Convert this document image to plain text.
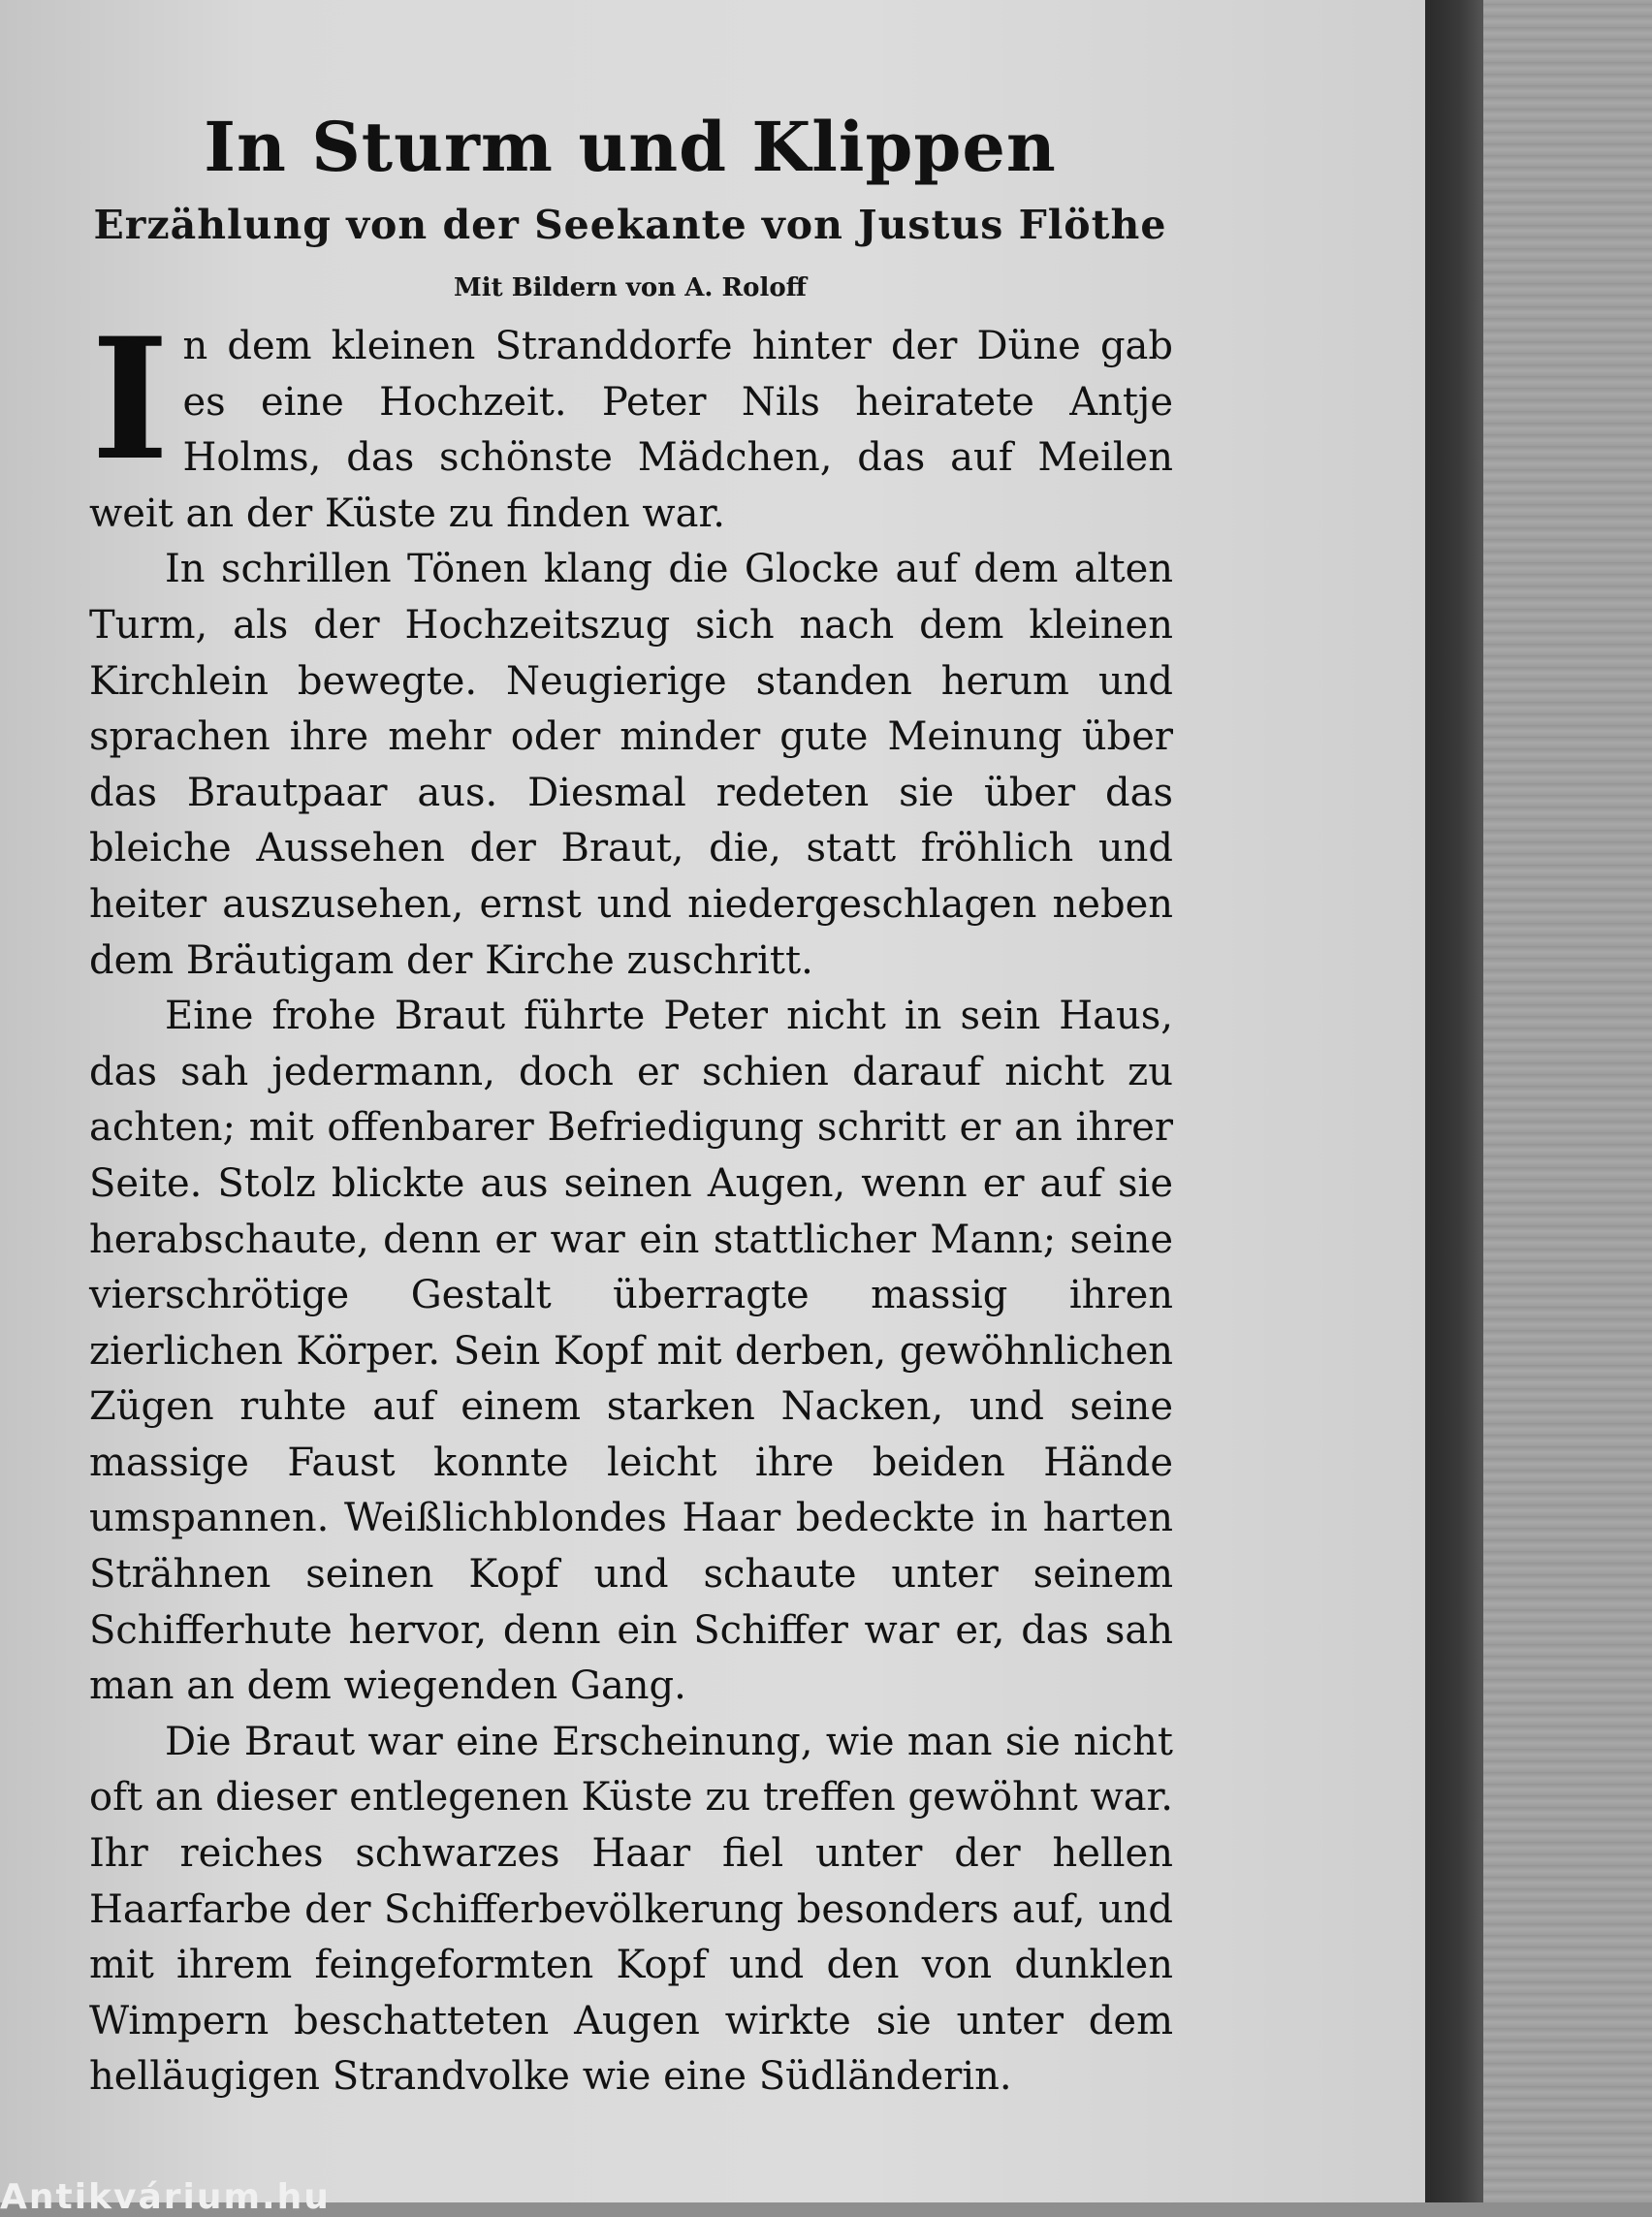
In Sturm und Klippen
Erzählung von der Seekante von Justus Flöthe
Mit Bildern von A. Roloff

In dem kleinen Stranddorfe hinter der Düne gab es eine Hochzeit. Peter Nils heiratete Antje Holms, das schönste Mädchen, das auf Meilen weit an der Küste zu finden war.

In schrillen Tönen klang die Glocke auf dem alten Turm, als der Hochzeitszug sich nach dem kleinen Kirchlein bewegte. Neugierige standen herum und sprachen ihre mehr oder minder gute Meinung über das Brautpaar aus. Diesmal redeten sie über das bleiche Aussehen der Braut, die, statt fröhlich und heiter auszusehen, ernst und niedergeschlagen neben dem Bräutigam der Kirche zuschritt.

Eine frohe Braut führte Peter nicht in sein Haus, das sah jedermann, doch er schien darauf nicht zu achten; mit offenbarer Befriedigung schritt er an ihrer Seite. Stolz blickte aus seinen Augen, wenn er auf sie herabschaute, denn er war ein stattlicher Mann; seine vierschrötige Gestalt überragte massig ihren zierlichen Körper. Sein Kopf mit derben, gewöhnlichen Zügen ruhte auf einem starken Nacken, und seine massige Faust konnte leicht ihre beiden Hände umspannen. Weißlichblondes Haar bedeckte in harten Strähnen seinen Kopf und schaute unter seinem Schifferhute hervor, denn ein Schiffer war er, das sah man an dem wiegenden Gang.

Die Braut war eine Erscheinung, wie man sie nicht oft an dieser entlegenen Küste zu treffen gewöhnt war. Ihr reiches schwarzes Haar fiel unter der hellen Haarfarbe der Schifferbevölkerung besonders auf, und mit ihrem feingeformten Kopf und den von dunklen Wimpern beschatteten Augen wirkte sie unter dem helläugigen Strandvolke wie eine Südländerin.

Antikvárium.hu
